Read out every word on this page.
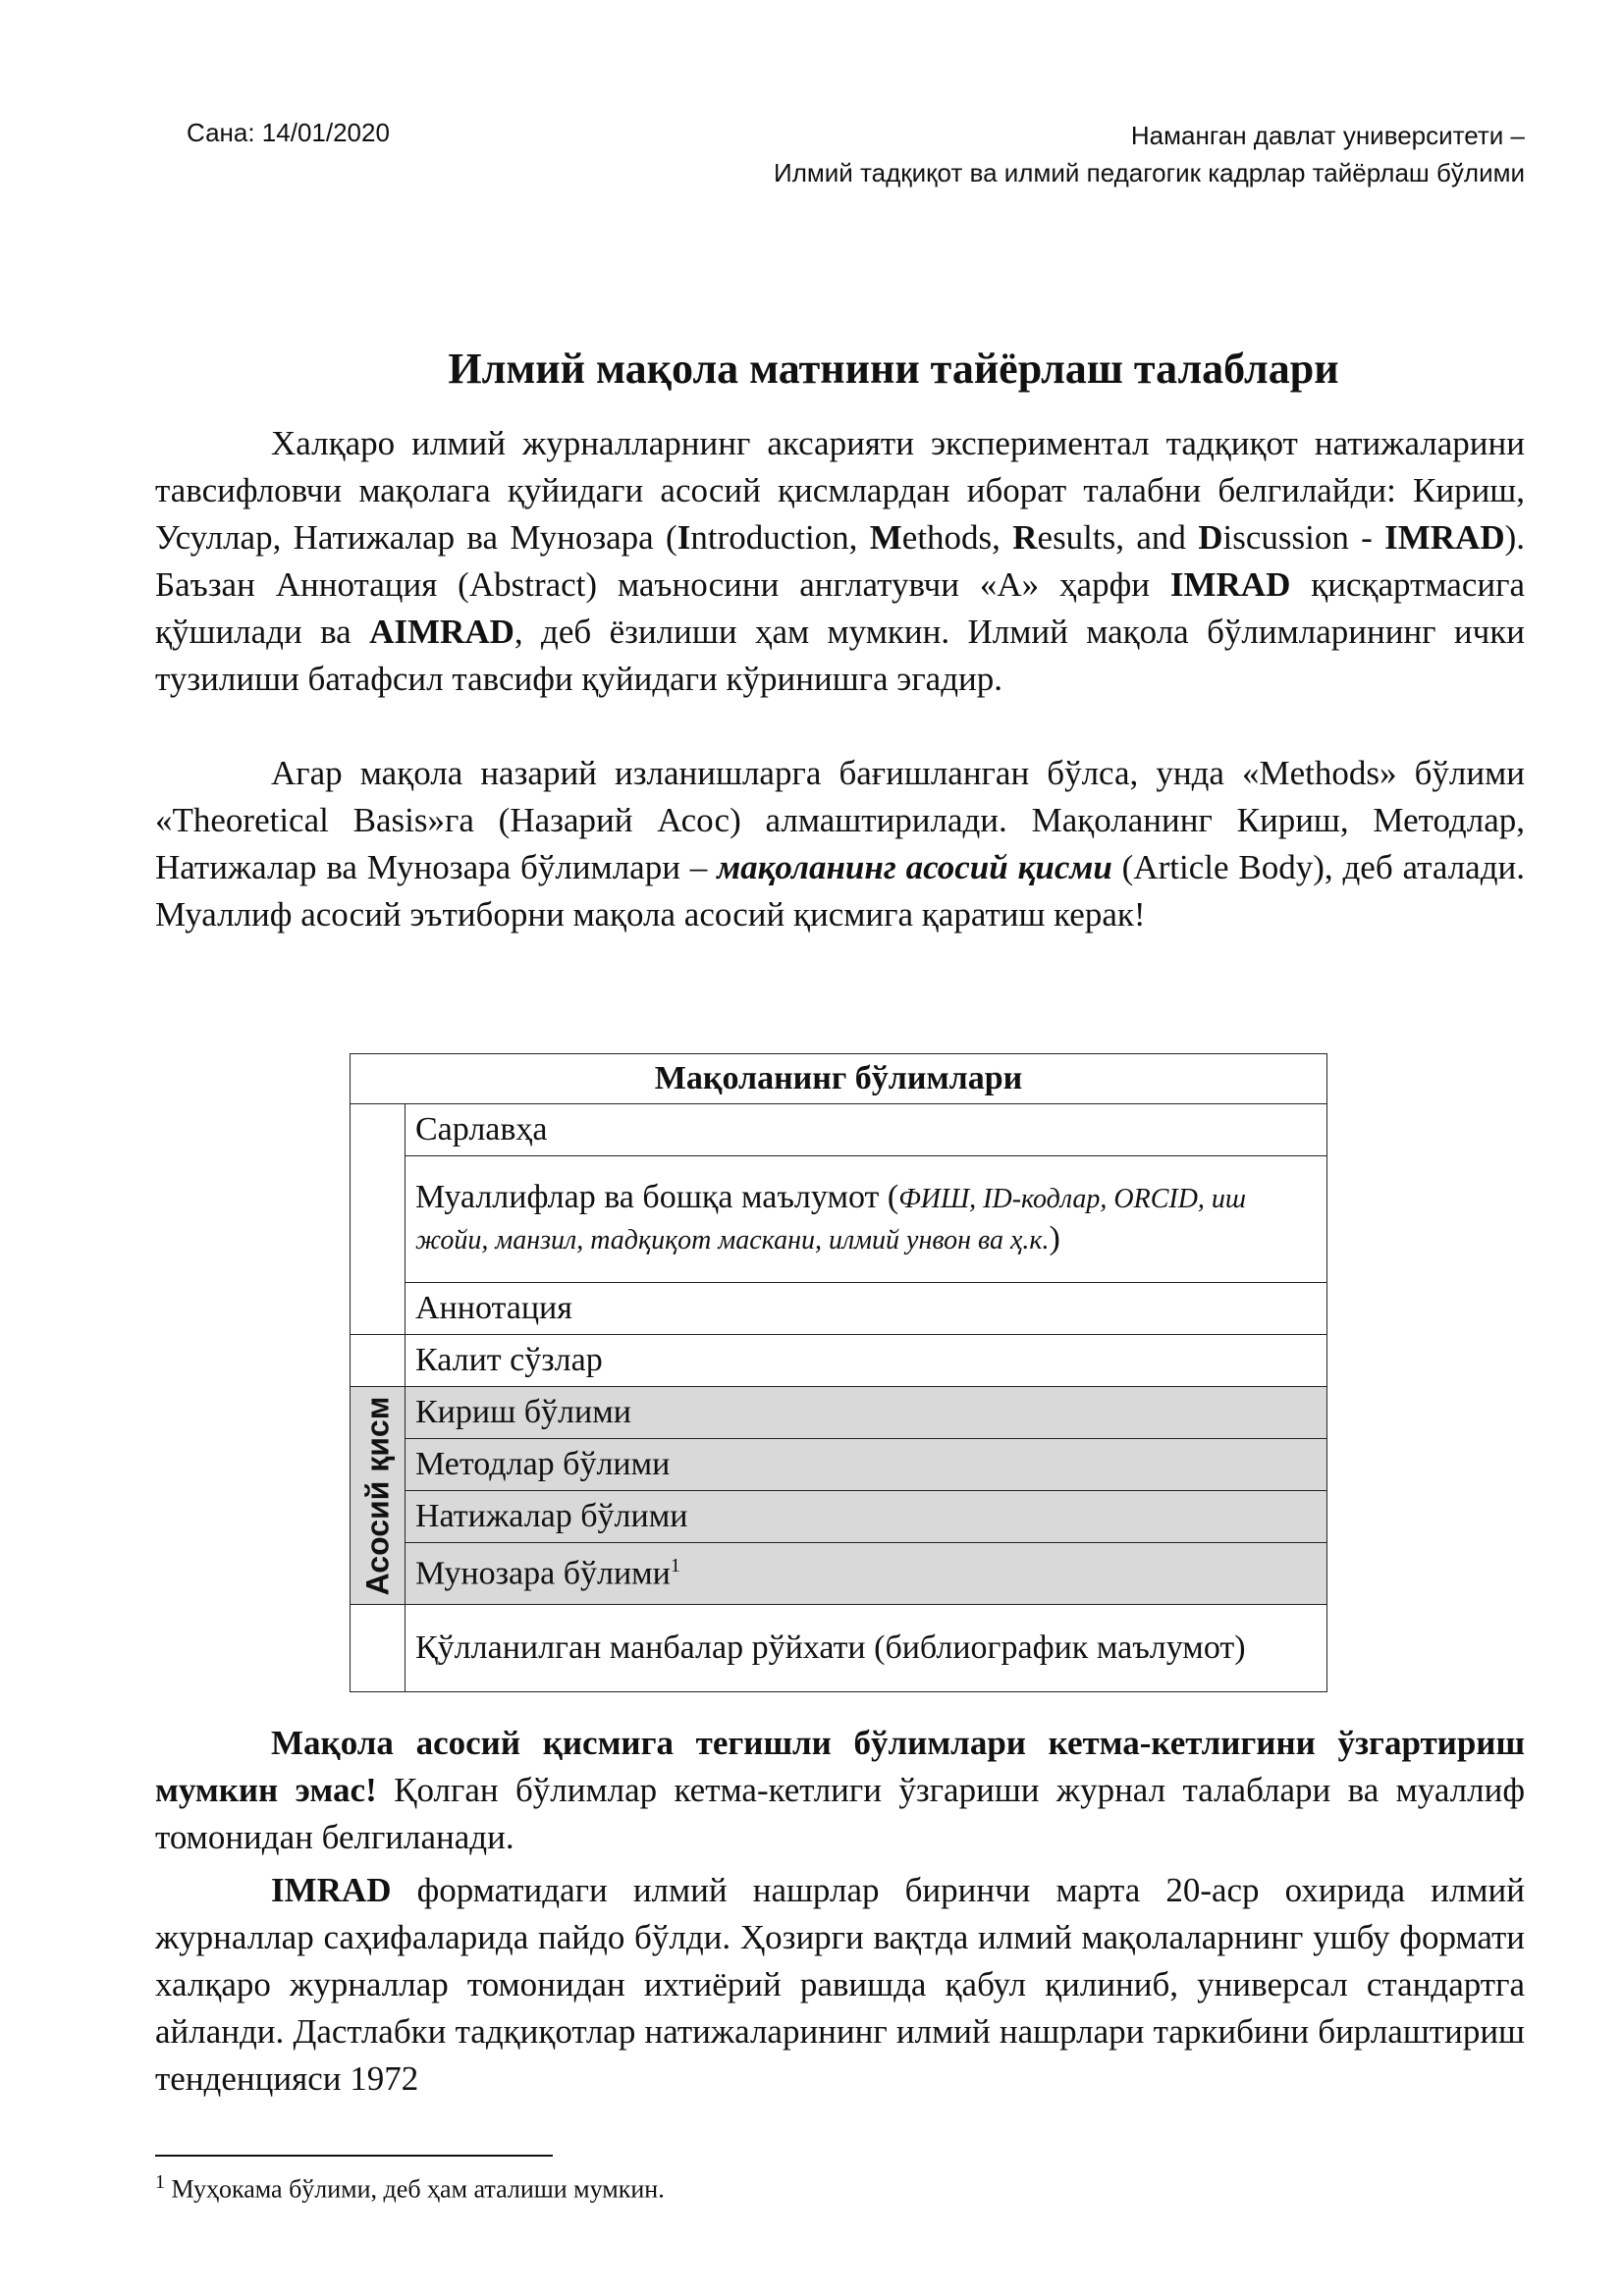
Сана: 14/01/2020	Наманган давлат университети –
Илмий тадқиқот ва илмий педагогик кадрлар тайёрлаш бўлими
Илмий мақола матнини тайёрлаш талаблари
Халқаро илмий журналларнинг аксарияти экспериментал тадқиқот натижаларини тавсифловчи мақолага қуйидаги асосий қисмлардан иборат талабни белгилайди: Кириш, Усуллар, Натижалар ва Мунозара (Introduction, Methods, Results, and Discussion - IMRAD). Баъзан Аннотация (Abstract) маъносини англатувчи «А» ҳарфи IMRAD қисқартмасига қўшилади ва AIMRAD, деб ёзилиши ҳам мумкин. Илмий мақола бўлимларининг ички тузилиши батафсил тавсифи қуйидаги кўринишга эгадир.
Агар мақола назарий изланишларга бағишланган бўлса, унда «Methods» бўлими «Theoretical Basis»га (Назарий Асос) алмаштирилади. Мақоланинг Кириш, Методлар, Натижалар ва Мунозара бўлимлари – мақоланинг асосий қисми (Article Body), деб аталади. Муаллиф асосий эътиборни мақола асосий қисмига қаратиш керак!
Мақоланинг бўлимлари	
	Сарлавҳа
	Муаллифлар ва бошқа маълумот (ФИШ, ID-кодлар, ORCID, иш жойи, манзил, тадқиқот маскани, илмий унвон ва ҳ.к.)
	Аннотация
	Калит сўзлар

Асосий қисм	Кириш бўлими
	Методлар бўлими
	Натижалар бўлими
	Мунозара бўлими$^1$
	Қўлланилган манбалар рўйхати (библиографик маълумот)
Мақола асосий қисмига тегишли бўлимлари кетма-кетлигини ўзгартириш мумкин эмас! Қолган бўлимлар кетма-кетлиги ўзгариши журнал талаблари ва муаллиф томонидан белгиланади.
IMRAD форматидаги илмий нашрлар биринчи марта 20-аср охирида илмий журналлар саҳифаларида пайдо бўлди. Ҳозирги вақтда илмий мақолаларнинг ушбу формати халқаро журналлар томонидан ихтиёрий равишда қабул қилиниб, универсал стандартга айланди. Дастлабки тадқиқотлар натижаларининг илмий нашрлари таркибини бирлаштириш тенденцияси 1972
$^1$ Муҳокама бўлими, деб ҳам аталиши мумкин.
